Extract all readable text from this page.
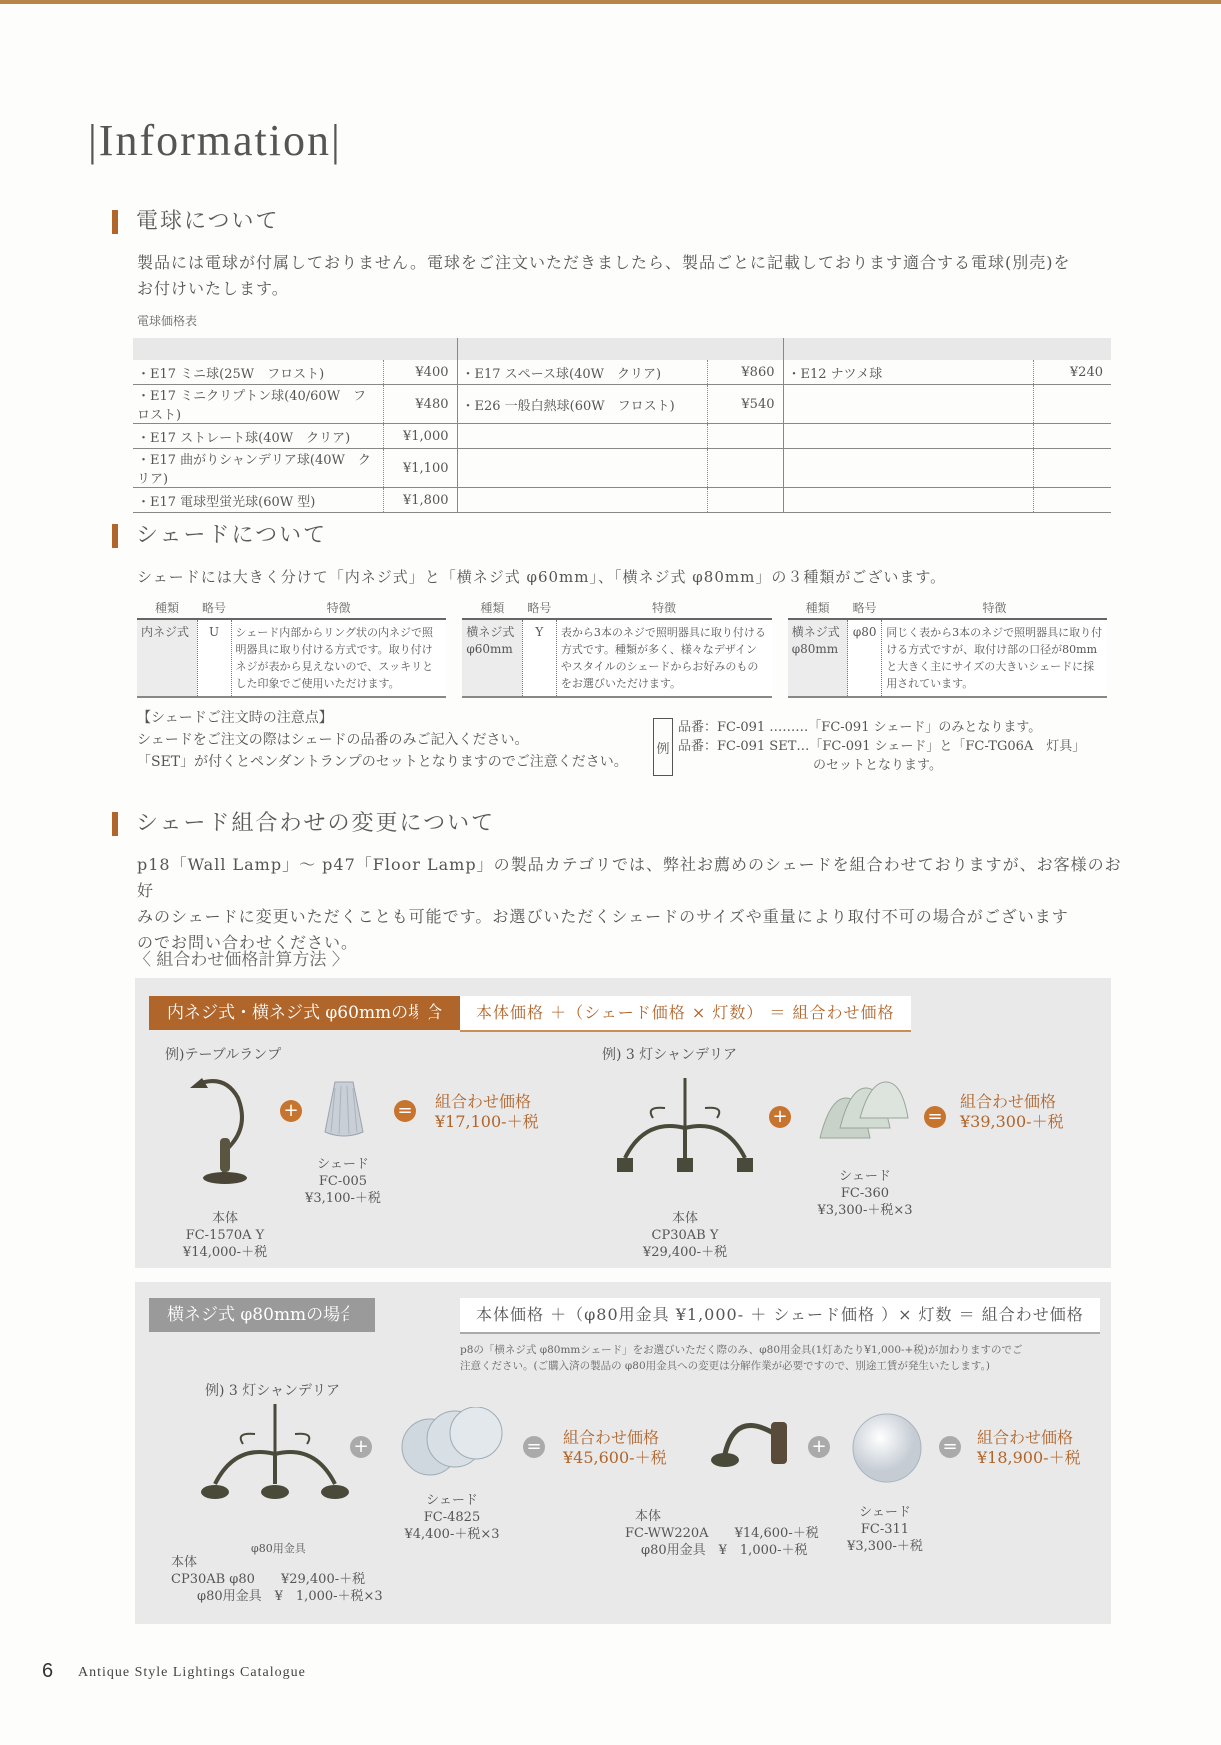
|Information|
電球について
製品には電球が付属しておりません。電球をご注文いただきましたら、製品ごとに記載しております適合する電球(別売)を
お付けいたします。
電球価格表
・E17 ミニ球(25W　フロスト)	¥400	・E17 スペース球(40W　クリア)	¥860	・E12 ナツメ球	¥240
・E17 ミニクリプトン球(40/60W　フロスト)	¥480	・E26 一般白熱球(60W　フロスト)	¥540		
・E17 ストレート球(40W　クリア)	¥1,000				
・E17 曲がりシャンデリア球(40W　クリア)	¥1,100				
・E17 電球型蛍光球(60W 型)	¥1,800				
シェードについて
シェードには大きく分けて「内ネジ式」と「横ネジ式 φ60mm」、「横ネジ式 φ80mm」の３種類がございます。
種類	略号	特徴
内ネジ式	U	シェード内部からリング状の内ネジで照明器具に取り付ける方式です。取り付けネジが表から見えないので、スッキリとした印象でご使用いただけます。
種類	略号	特徴
横ネジ式 φ60mm	Y	表から3本のネジで照明器具に取り付ける方式です。種類が多く、様々なデザインやスタイルのシェードからお好みのものをお選びいただけます。
種類	略号	特徴
横ネジ式 φ80mm	φ80	同じく表から3本のネジで照明器具に取り付ける方式ですが、取付け部の口径が80mmと大きく主にサイズの大きいシェードに採用されています。
【シェードご注文時の注意点】
シェードをご注文の際はシェードの品番のみご記入ください。
「SET」が付くとペンダントランプのセットとなりますのでご注意ください。
例
品番：FC-091 ………「FC-091 シェード」のみとなります。
品番：FC-091 SET…「FC-091 シェード」と「FC-TG06A　灯具」
のセットとなります。
シェード組合わせの変更について
p18「Wall Lamp」～ p47「Floor Lamp」の製品カテゴリでは、弊社お薦めのシェードを組合わせておりますが、お客様のお好
みのシェードに変更いただくことも可能です。お選びいただくシェードのサイズや重量により取付不可の場合がございます
のでお問い合わせください。
〈 組合わせ価格計算方法 〉
内ネジ式・横ネジ式 φ60mmの場合	本体価格 ＋（シェード価格 × 灯数） ＝ 組合わせ価格
例)テーブルランプ	例) 3 灯シャンデリア
本体
FC-1570A Y
¥14,000-＋税
+
シェード
FC-005
¥3,100-＋税
= 組合わせ価格
¥17,100-＋税
本体
CP30AB Y
¥29,400-＋税
+
シェード
FC-360
¥3,300-＋税×3
=
組合わせ価格
¥39,300-＋税
横ネジ式 φ80mmの場合	本体価格 ＋（φ80用金具 ¥1,000- ＋ シェード価格 ）× 灯数 ＝ 組合わせ価格
p8の「横ネジ式 φ80mmシェード」をお選びいただく際のみ、φ80用金具(1灯あたり¥1,000-+税)が加わりますのでご
注意ください。(ご購入済の製品の φ80用金具への変更は分解作業が必要ですので、別途工賃が発生いたします。)
例) 3 灯シャンデリア
φ80用金具
本体
CP30AB φ80　　¥29,400-＋税
φ80用金具　¥　1,000-＋税×3
+
シェード
FC-4825
¥4,400-＋税×3
= 組合わせ価格
¥45,600-＋税
本体
FC-WW220A　　¥14,600-＋税
φ80用金具　¥　1,000-＋税
+
シェード
FC-311
¥3,300-＋税
= 組合わせ価格
¥18,900-＋税
6 Antique Style Lightings Catalogue
